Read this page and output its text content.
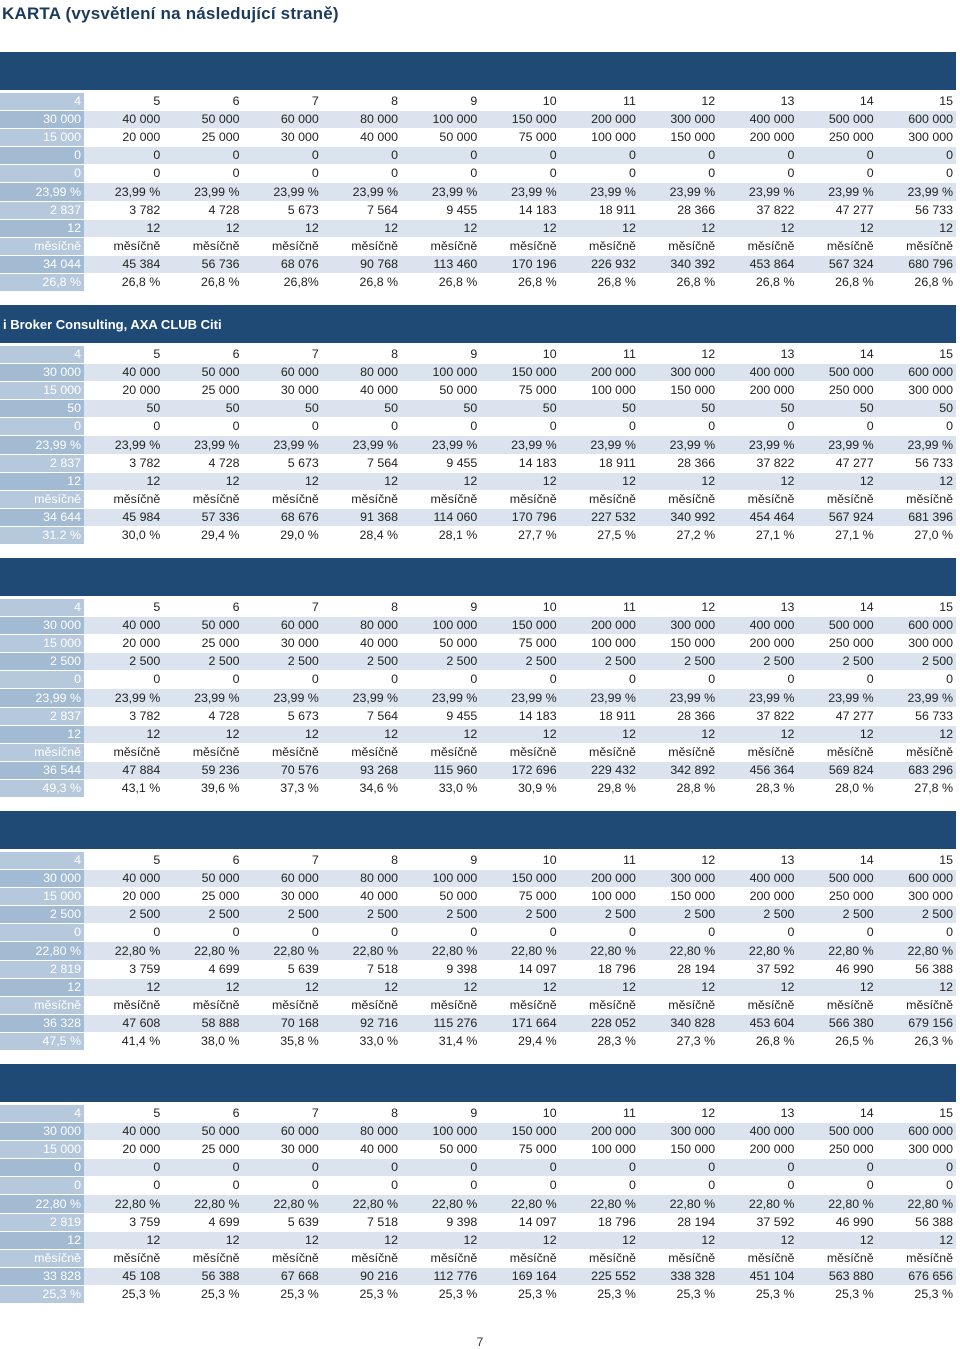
KARTA (vysvětlení na následující straně)
4	5	6	7	8	9	10	11	12	13	14	15
30 000	40 000	50 000	60 000	80 000	100 000	150 000	200 000	300 000	400 000	500 000	600 000
15 000	20 000	25 000	30 000	40 000	50 000	75 000	100 000	150 000	200 000	250 000	300 000
0	0	0	0	0	0	0	0	0	0	0	0
0	0	0	0	0	0	0	0	0	0	0	0
23,99 %	23,99 %	23,99 %	23,99 %	23,99 %	23,99 %	23,99 %	23,99 %	23,99 %	23,99 %	23,99 %	23,99 %
2 837	3 782	4 728	5 673	7 564	9 455	14 183	18 911	28 366	37 822	47 277	56 733
12	12	12	12	12	12	12	12	12	12	12	12
měsíčně	měsíčně	měsíčně	měsíčně	měsíčně	měsíčně	měsíčně	měsíčně	měsíčně	měsíčně	měsíčně	měsíčně
34 044	45 384	56 736	68 076	90 768	113 460	170 196	226 932	340 392	453 864	567 324	680 796
26,8 %	26,8 %	26,8 %	26,8%	26,8 %	26,8 %	26,8 %	26,8 %	26,8 %	26,8 %	26,8 %	26,8 %
i Broker Consulting, AXA CLUB Citi
4	5	6	7	8	9	10	11	12	13	14	15
30 000	40 000	50 000	60 000	80 000	100 000	150 000	200 000	300 000	400 000	500 000	600 000
15 000	20 000	25 000	30 000	40 000	50 000	75 000	100 000	150 000	200 000	250 000	300 000
50	50	50	50	50	50	50	50	50	50	50	50
0	0	0	0	0	0	0	0	0	0	0	0
23,99 %	23,99 %	23,99 %	23,99 %	23,99 %	23,99 %	23,99 %	23,99 %	23,99 %	23,99 %	23,99 %	23,99 %
2 837	3 782	4 728	5 673	7 564	9 455	14 183	18 911	28 366	37 822	47 277	56 733
12	12	12	12	12	12	12	12	12	12	12	12
měsíčně	měsíčně	měsíčně	měsíčně	měsíčně	měsíčně	měsíčně	měsíčně	měsíčně	měsíčně	měsíčně	měsíčně
34 644	45 984	57 336	68 676	91 368	114 060	170 796	227 532	340 992	454 464	567 924	681 396
31.2 %	30,0 %	29,4 %	29,0 %	28,4 %	28,1 %	27,7 %	27,5 %	27,2 %	27,1 %	27,1 %	27,0 %
4	5	6	7	8	9	10	11	12	13	14	15
30 000	40 000	50 000	60 000	80 000	100 000	150 000	200 000	300 000	400 000	500 000	600 000
15 000	20 000	25 000	30 000	40 000	50 000	75 000	100 000	150 000	200 000	250 000	300 000
2 500	2 500	2 500	2 500	2 500	2 500	2 500	2 500	2 500	2 500	2 500	2 500
0	0	0	0	0	0	0	0	0	0	0	0
23,99 %	23,99 %	23,99 %	23,99 %	23,99 %	23,99 %	23,99 %	23,99 %	23,99 %	23,99 %	23,99 %	23,99 %
2 837	3 782	4 728	5 673	7 564	9 455	14 183	18 911	28 366	37 822	47 277	56 733
12	12	12	12	12	12	12	12	12	12	12	12
měsíčně	měsíčně	měsíčně	měsíčně	měsíčně	měsíčně	měsíčně	měsíčně	měsíčně	měsíčně	měsíčně	měsíčně
36 544	47 884	59 236	70 576	93 268	115 960	172 696	229 432	342 892	456 364	569 824	683 296
49,3 %	43,1 %	39,6 %	37,3 %	34,6 %	33,0 %	30,9 %	29,8 %	28,8 %	28,3 %	28,0 %	27,8 %
4	5	6	7	8	9	10	11	12	13	14	15
30 000	40 000	50 000	60 000	80 000	100 000	150 000	200 000	300 000	400 000	500 000	600 000
15 000	20 000	25 000	30 000	40 000	50 000	75 000	100 000	150 000	200 000	250 000	300 000
2 500	2 500	2 500	2 500	2 500	2 500	2 500	2 500	2 500	2 500	2 500	2 500
0	0	0	0	0	0	0	0	0	0	0	0
22,80 %	22,80 %	22,80 %	22,80 %	22,80 %	22,80 %	22,80 %	22,80 %	22,80 %	22,80 %	22,80 %	22,80 %
2 819	3 759	4 699	5 639	7 518	9 398	14 097	18 796	28 194	37 592	46 990	56 388
12	12	12	12	12	12	12	12	12	12	12	12
měsíčně	měsíčně	měsíčně	měsíčně	měsíčně	měsíčně	měsíčně	měsíčně	měsíčně	měsíčně	měsíčně	měsíčně
36 328	47 608	58 888	70 168	92 716	115 276	171 664	228 052	340 828	453 604	566 380	679 156
47,5 %	41,4 %	38,0 %	35,8 %	33,0 %	31,4 %	29,4 %	28,3 %	27,3 %	26,8 %	26,5 %	26,3 %
4	5	6	7	8	9	10	11	12	13	14	15
30 000	40 000	50 000	60 000	80 000	100 000	150 000	200 000	300 000	400 000	500 000	600 000
15 000	20 000	25 000	30 000	40 000	50 000	75 000	100 000	150 000	200 000	250 000	300 000
0	0	0	0	0	0	0	0	0	0	0	0
0	0	0	0	0	0	0	0	0	0	0	0
22,80 %	22,80 %	22,80 %	22,80 %	22,80 %	22,80 %	22,80 %	22,80 %	22,80 %	22,80 %	22,80 %	22,80 %
2 819	3 759	4 699	5 639	7 518	9 398	14 097	18 796	28 194	37 592	46 990	56 388
12	12	12	12	12	12	12	12	12	12	12	12
měsíčně	měsíčně	měsíčně	měsíčně	měsíčně	měsíčně	měsíčně	měsíčně	měsíčně	měsíčně	měsíčně	měsíčně
33 828	45 108	56 388	67 668	90 216	112 776	169 164	225 552	338 328	451 104	563 880	676 656
25,3 %	25,3 %	25,3 %	25,3 %	25,3 %	25,3 %	25,3 %	25,3 %	25,3 %	25,3 %	25,3 %	25,3 %
7
